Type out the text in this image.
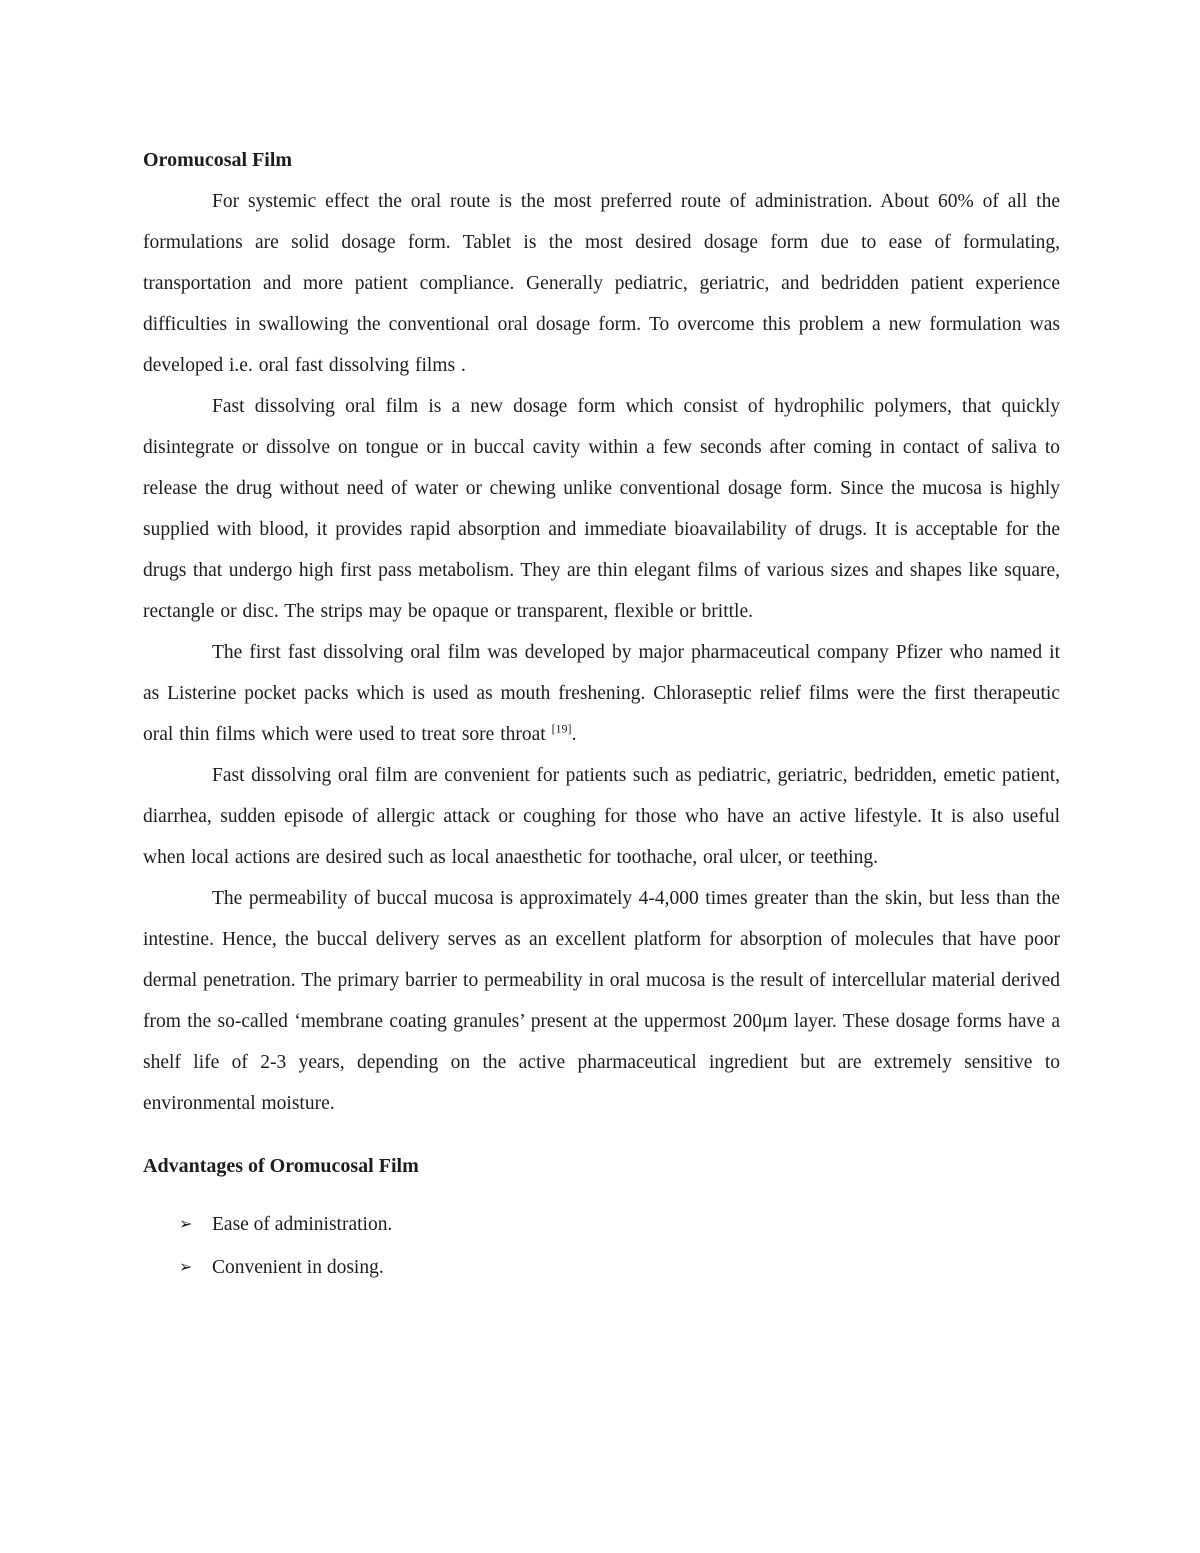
Oromucosal Film

For systemic effect the oral route is the most preferred route of administration. About 60% of all the formulations are solid dosage form. Tablet is the most desired dosage form due to ease of formulating, transportation and more patient compliance. Generally pediatric, geriatric, and bedridden patient experience difficulties in swallowing the conventional oral dosage form. To overcome this problem a new formulation was developed i.e. oral fast dissolving films .

Fast dissolving oral film is a new dosage form which consist of hydrophilic polymers, that quickly disintegrate or dissolve on tongue or in buccal cavity within a few seconds after coming in contact of saliva to release the drug without need of water or chewing unlike conventional dosage form. Since the mucosa is highly supplied with blood, it provides rapid absorption and immediate bioavailability of drugs. It is acceptable for the drugs that undergo high first pass metabolism. They are thin elegant films of various sizes and shapes like square, rectangle or disc. The strips may be opaque or transparent, flexible or brittle.

The first fast dissolving oral film was developed by major pharmaceutical company Pfizer who named it as Listerine pocket packs which is used as mouth freshening. Chloraseptic relief films were the first therapeutic oral thin films which were used to treat sore throat [19].

Fast dissolving oral film are convenient for patients such as pediatric, geriatric, bedridden, emetic patient, diarrhea, sudden episode of allergic attack or coughing for those who have an active lifestyle. It is also useful when local actions are desired such as local anaesthetic for toothache, oral ulcer, or teething.

The permeability of buccal mucosa is approximately 4-4,000 times greater than the skin, but less than the intestine. Hence, the buccal delivery serves as an excellent platform for absorption of molecules that have poor dermal penetration. The primary barrier to permeability in oral mucosa is the result of intercellular material derived from the so-called ‘membrane coating granules’ present at the uppermost 200μm layer. These dosage forms have a shelf life of 2-3 years, depending on the active pharmaceutical ingredient but are extremely sensitive to environmental moisture.

Advantages of Oromucosal Film
➢ Ease of administration.
➢ Convenient in dosing.
